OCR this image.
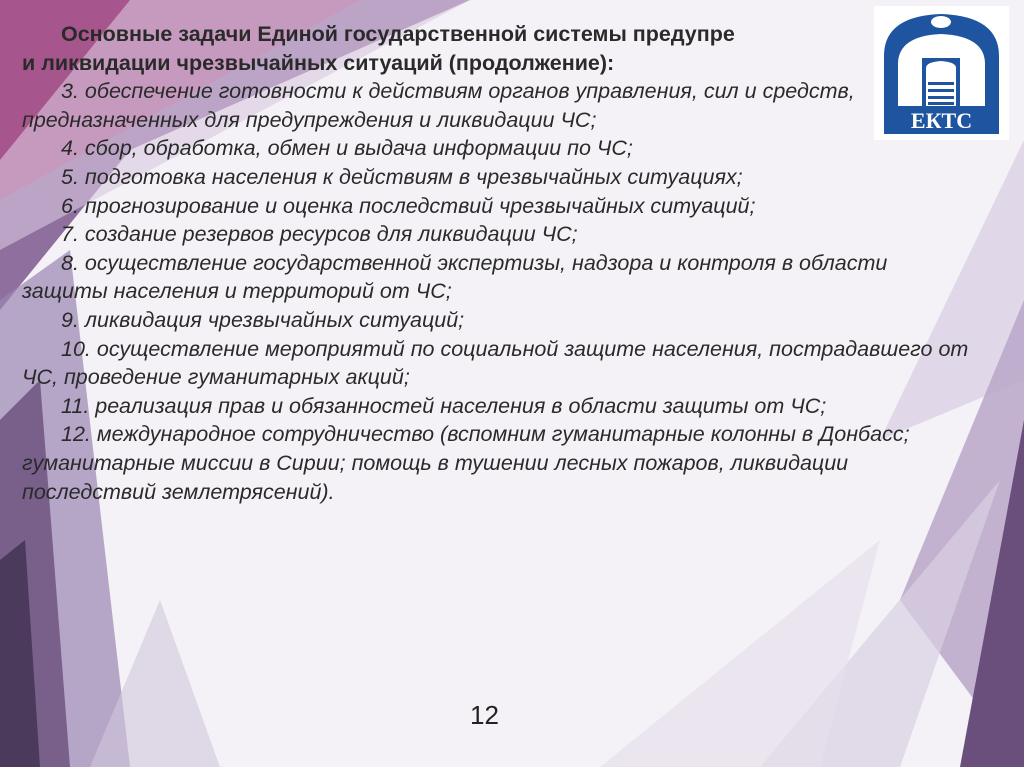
Основные задачи Единой государственной системы предупре
и ликвидации чрезвычайных ситуаций (продолжение):

3. обеспечение готовности к действиям органов управления, сил и средств, предназначенных для предупреждения и ликвидации ЧС;
4. сбор, обработка, обмен и выдача информации по ЧС;
5. подготовка населения к действиям в чрезвычайных ситуациях;
6. прогнозирование и оценка последствий чрезвычайных ситуаций;
7. создание резервов ресурсов для ликвидации ЧС;
8. осуществление государственной экспертизы, надзора и контроля в области защиты населения и территорий от ЧС;
9. ликвидация чрезвычайных ситуаций;
10. осуществление мероприятий по социальной защите населения, пострадавшего от ЧС, проведение гуманитарных акций;
11. реализация прав и обязанностей населения в области защиты от ЧС;
12. международное сотрудничество (вспомним гуманитарные колонны в Донбасс; гуманитарные миссии в Сирии; помощь в тушении лесных пожаров, ликвидации последствий землетрясений).
ЕКТС
12
